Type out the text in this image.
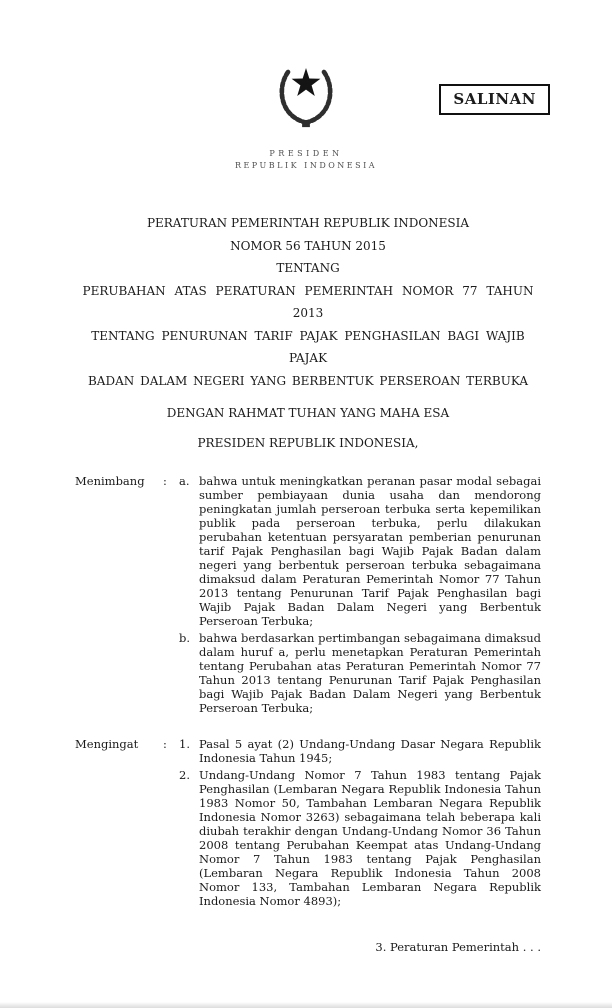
SALINAN
PRESIDEN
REPUBLIK INDONESIA
PERATURAN PEMERINTAH REPUBLIK INDONESIA
NOMOR 56 TAHUN 2015
TENTANG
PERUBAHAN ATAS PERATURAN PEMERINTAH NOMOR 77 TAHUN 2013
TENTANG PENURUNAN TARIF PAJAK PENGHASILAN BAGI WAJIB PAJAK
BADAN DALAM NEGERI YANG BERBENTUK PERSEROAN TERBUKA
DENGAN RAHMAT TUHAN YANG MAHA ESA
PRESIDEN REPUBLIK INDONESIA,
Menimbang	:	a. bahwa untuk meningkatkan peranan pasar modal sebagai sumber pembiayaan dunia usaha dan mendorong peningkatan jumlah perseroan terbuka serta kepemilikan publik pada perseroan terbuka, perlu dilakukan perubahan ketentuan persyaratan pemberian penurunan tarif Pajak Penghasilan bagi Wajib Pajak Badan dalam negeri yang berbentuk perseroan terbuka sebagaimana dimaksud dalam Peraturan Pemerintah Nomor 77 Tahun 2013 tentang Penurunan Tarif Pajak Penghasilan bagi Wajib Pajak Badan Dalam Negeri yang Berbentuk Perseroan Terbuka;
b. bahwa berdasarkan pertimbangan sebagaimana dimaksud dalam huruf a, perlu menetapkan Peraturan Pemerintah tentang Perubahan atas Peraturan Pemerintah Nomor 77 Tahun 2013 tentang Penurunan Tarif Pajak Penghasilan bagi Wajib Pajak Badan Dalam Negeri yang Berbentuk Perseroan Terbuka;
Mengingat	:	1. Pasal 5 ayat (2) Undang-Undang Dasar Negara Republik Indonesia Tahun 1945;
2. Undang-Undang Nomor 7 Tahun 1983 tentang Pajak Penghasilan (Lembaran Negara Republik Indonesia Tahun 1983 Nomor 50, Tambahan Lembaran Negara Republik Indonesia Nomor 3263) sebagaimana telah beberapa kali diubah terakhir dengan Undang-Undang Nomor 36 Tahun 2008 tentang Perubahan Keempat atas Undang-Undang Nomor 7 Tahun 1983 tentang Pajak Penghasilan (Lembaran Negara Republik Indonesia Tahun 2008 Nomor 133, Tambahan Lembaran Negara Republik Indonesia Nomor 4893);
3. Peraturan Pemerintah . . .
